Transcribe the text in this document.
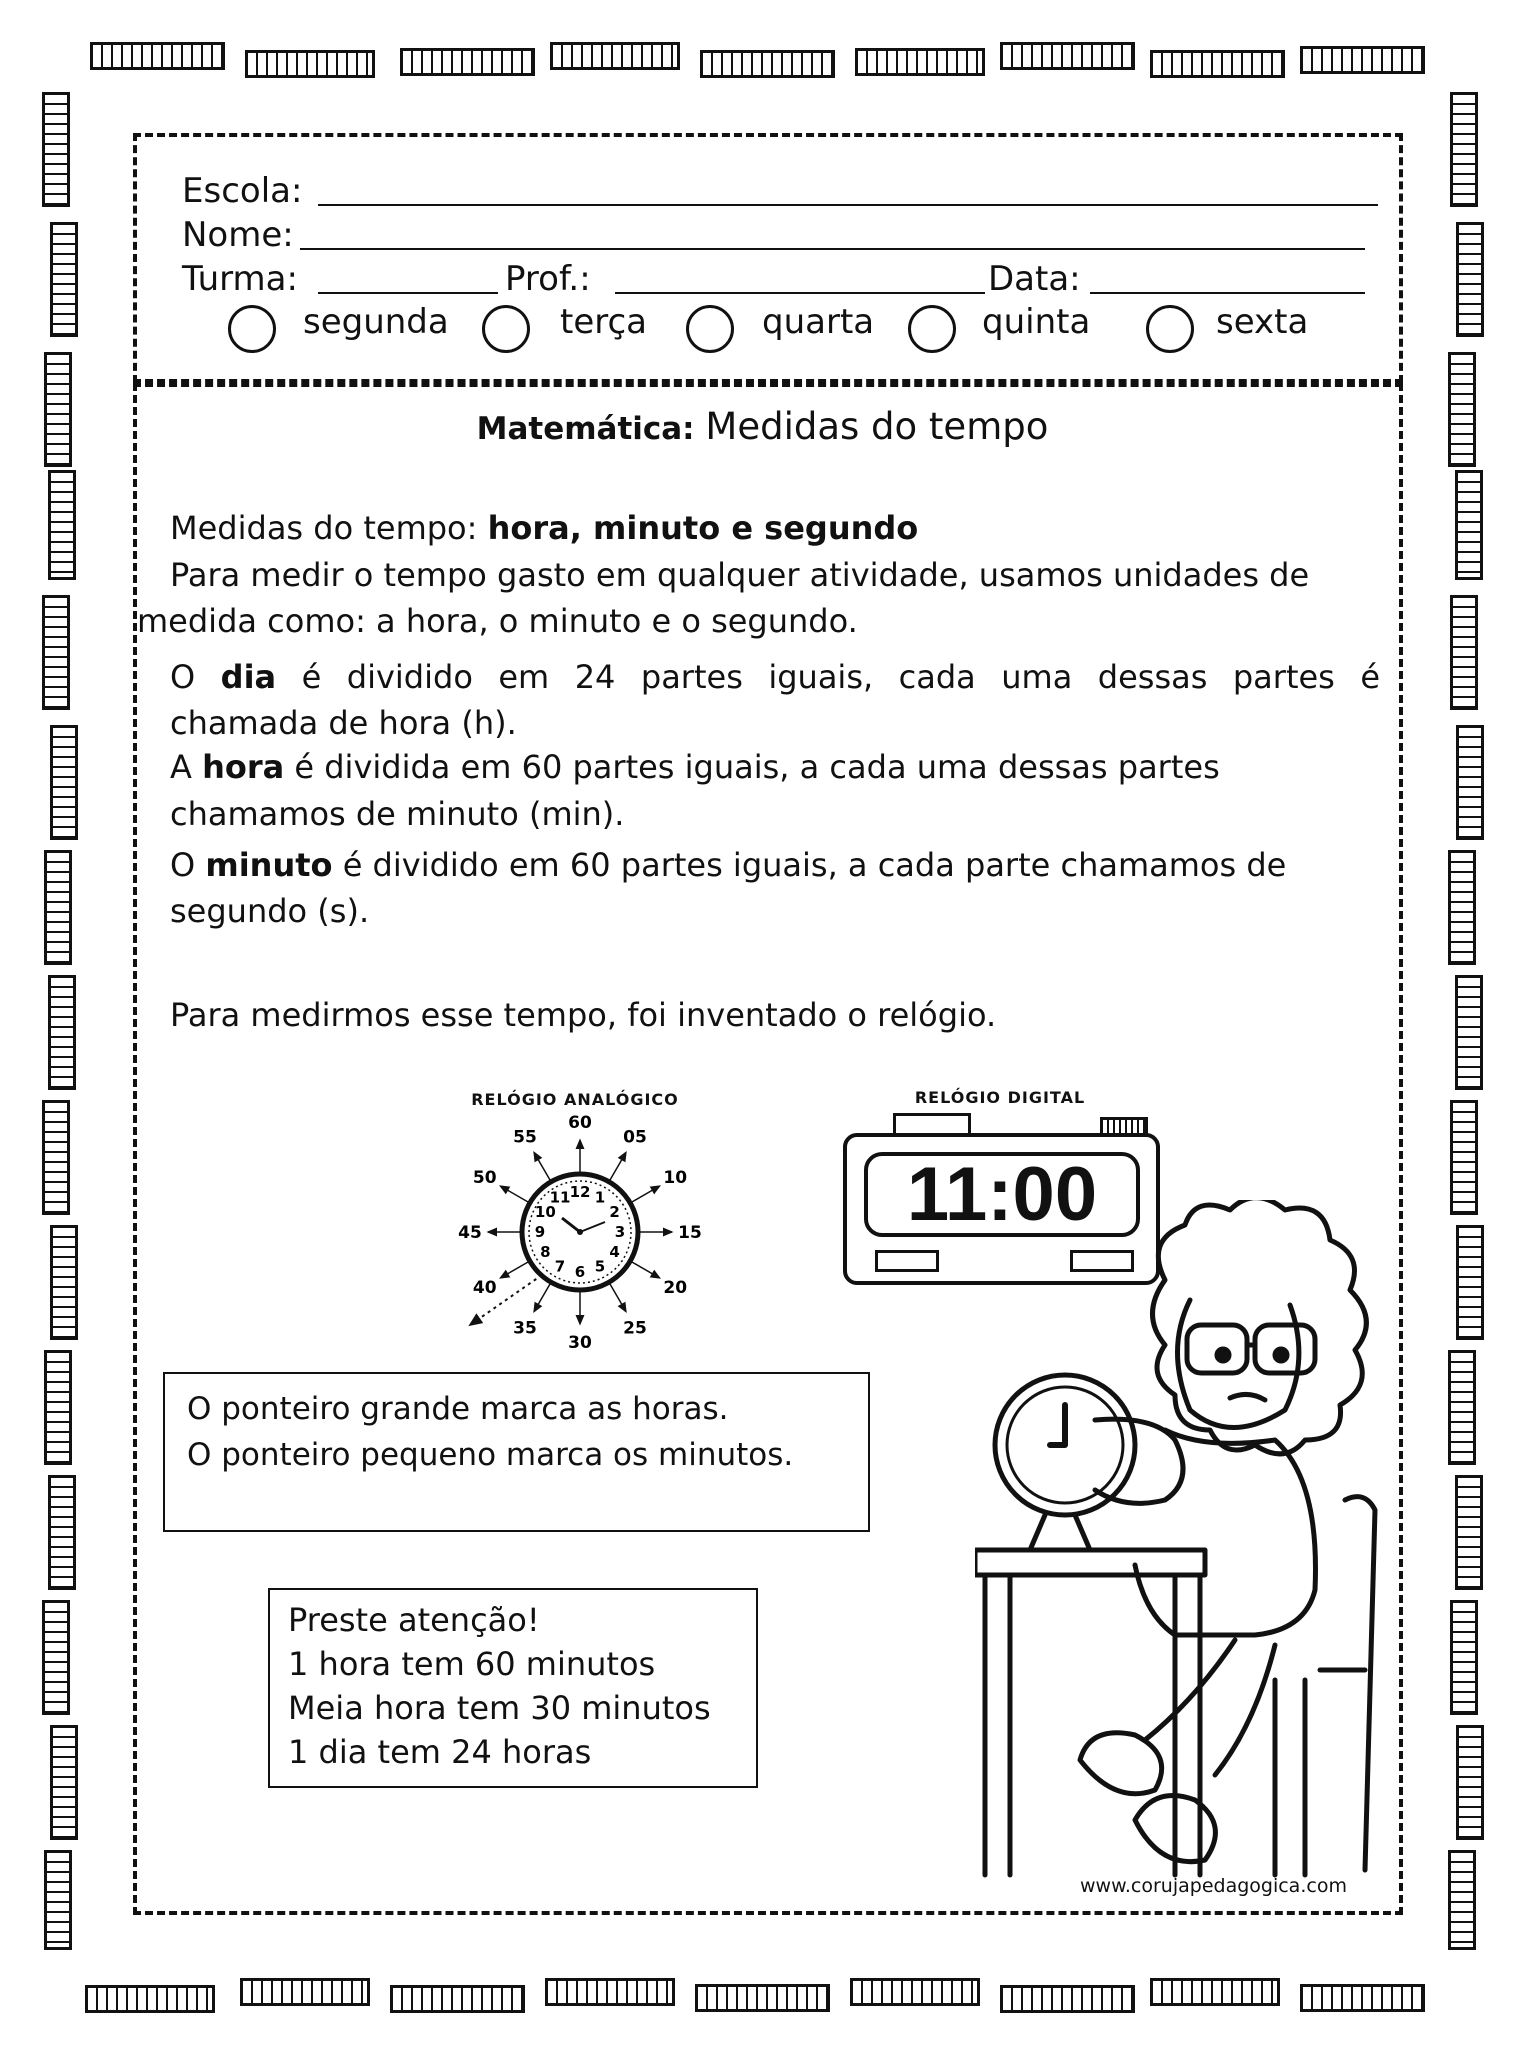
Escola:
Nome:
Turma:	Prof.:	Data:
segunda	terça	quarta	quinta	sexta
Matemática: Medidas do tempo
Medidas do tempo: hora, minuto e segundo
Para medir o tempo gasto em qualquer atividade, usamos unidades de
medida como: a hora, o minuto e o segundo.
O dia é dividido em 24 partes iguais, cada uma dessas partes é
chamada de hora (h).
A hora é dividida em 60 partes iguais, a cada uma dessas partes
chamamos de minuto (min).
O minuto é dividido em 60 partes iguais, a cada parte chamamos de
segundo (s).
Para medirmos esse tempo, foi inventado o relógio.
RELÓGIO ANALÓGICO
12 1
2
3
4
5
6
7
8
9
10
11
60
05
10
15
20
25
30
35
40
45
50
55
RELÓGIO DIGITAL
11:00
O ponteiro grande marca as horas.
O ponteiro pequeno marca os minutos.
Preste atenção!
1 hora tem 60 minutos
Meia hora tem 30 minutos
1 dia tem 24 horas
www.corujapedagogica.com
